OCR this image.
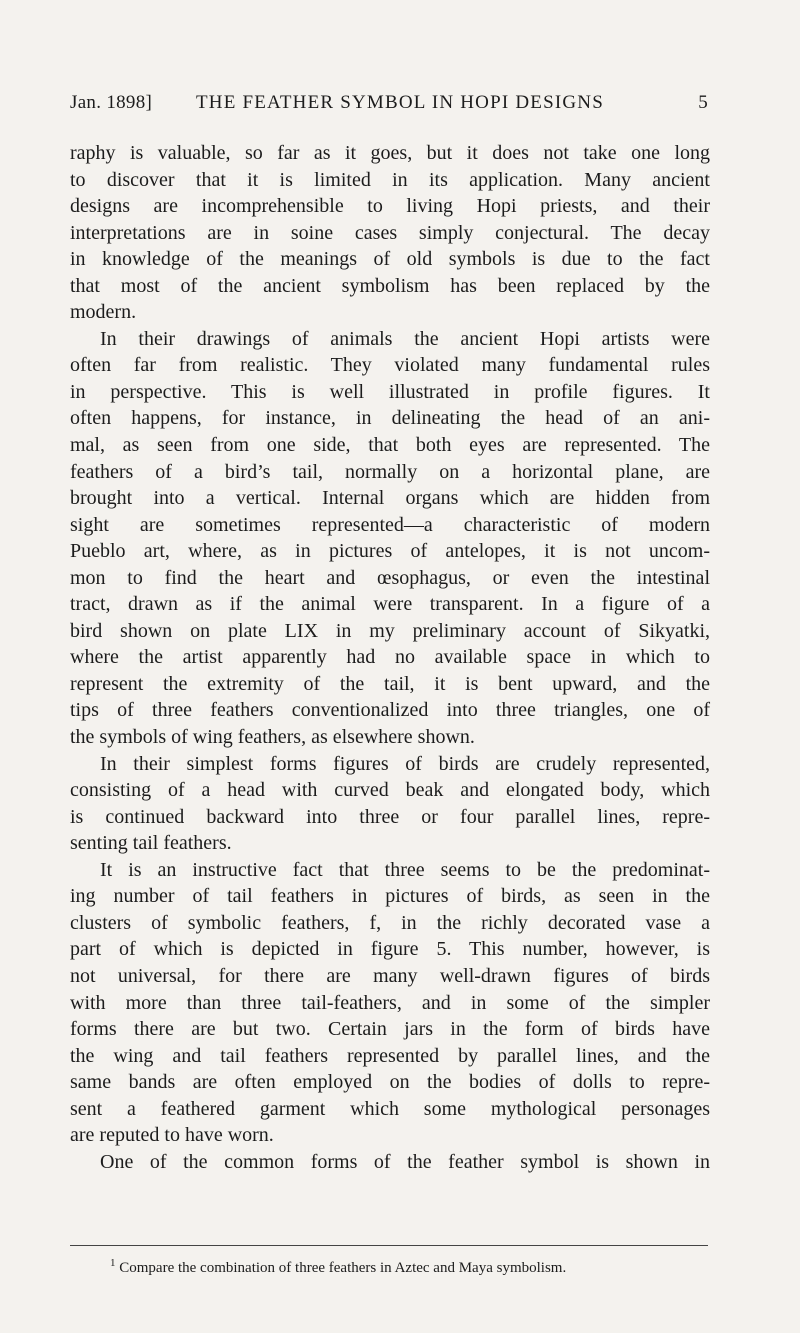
Jan. 1898] THE FEATHER SYMBOL IN HOPI DESIGNS	5
raphy is valuable, so far as it goes, but it does not take one long
to discover that it is limited in its application. Many ancient
designs are incomprehensible to living Hopi priests, and their
interpretations are in soine cases simply conjectural. The decay
in knowledge of the meanings of old symbols is due to the fact
that most of the ancient symbolism has been replaced by the
modern.
In their drawings of animals the ancient Hopi artists were
often far from realistic. They violated many fundamental rules
in perspective. This is well illustrated in profile figures. It
often happens, for instance, in delineating the head of an ani-
mal, as seen from one side, that both eyes are represented. The
feathers of a bird’s tail, normally on a horizontal plane, are
brought into a vertical. Internal organs which are hidden from
sight are sometimes represented—a characteristic of modern
Pueblo art, where, as in pictures of antelopes, it is not uncom-
mon to find the heart and œsophagus, or even the intestinal
tract, drawn as if the animal were transparent. In a figure of a
bird shown on plate LIX in my preliminary account of Sikyatki,
where the artist apparently had no available space in which to
represent the extremity of the tail, it is bent upward, and the
tips of three feathers conventionalized into three triangles, one of
the symbols of wing feathers, as elsewhere shown.
In their simplest forms figures of birds are crudely represented,
consisting of a head with curved beak and elongated body, which
is continued backward into three or four parallel lines, repre-
senting tail feathers.
It is an instructive fact that three seems to be the predominat-
ing number of tail feathers in pictures of birds, as seen in the
clusters of symbolic feathers, f, in the richly decorated vase a
part of which is depicted in figure 5. This number, however, is
not universal, for there are many well-drawn figures of birds
with more than three tail-feathers, and in some of the simpler
forms there are but two. Certain jars in the form of birds have
the wing and tail feathers represented by parallel lines, and the
same bands are often employed on the bodies of dolls to repre-
sent a feathered garment which some mythological personages
are reputed to have worn.
One of the common forms of the feather symbol is shown in
$^1$ Compare the combination of three feathers in Aztec and Maya symbolism.
